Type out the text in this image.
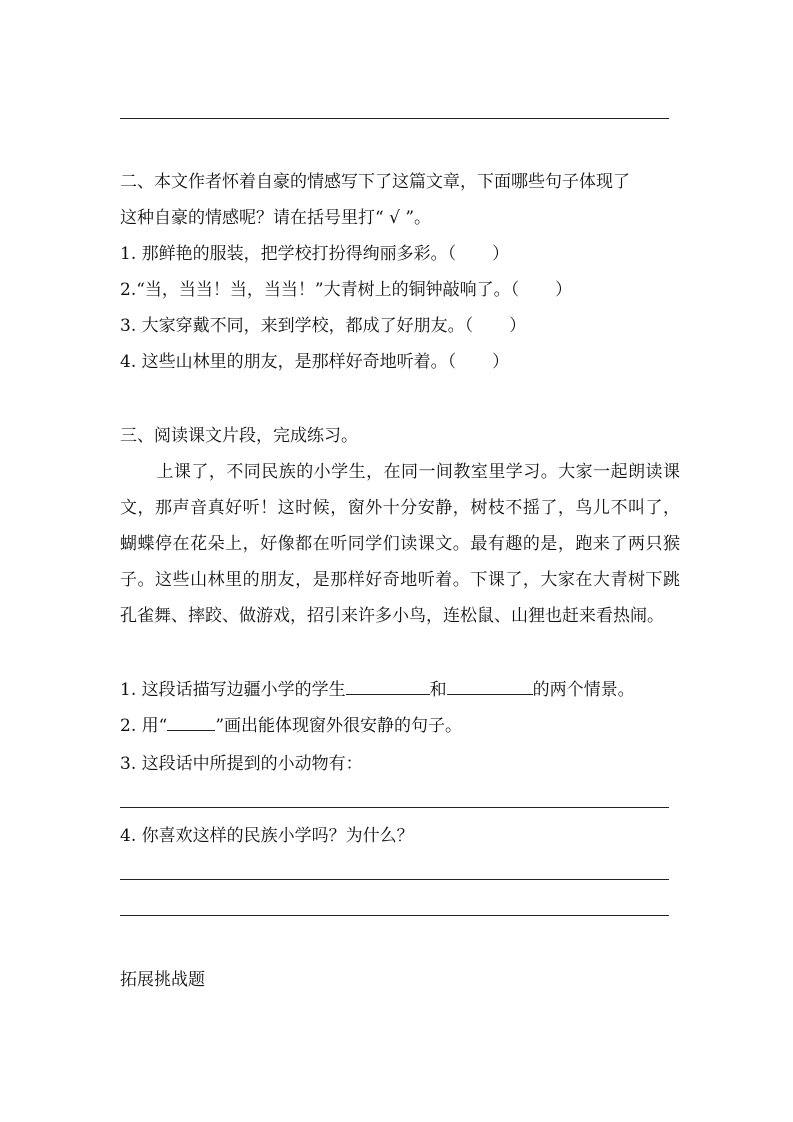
二、本文作者怀着自豪的情感写下了这篇文章，下面哪些句子体现了
这种自豪的情感呢？请在括号里打“ √ ”。
1. 那鲜艳的服装，把学校打扮得绚丽多彩。（ ）
2.“当，当当！当，当当！”大青树上的铜钟敲响了。（ ）
3. 大家穿戴不同，来到学校，都成了好朋友。（ ）
4. 这些山林里的朋友，是那样好奇地听着。（ ）
三、阅读课文片段，完成练习。
上课了，不同民族的小学生，在同一间教室里学习。大家一起朗读课文，那声音真好听！这时候，窗外十分安静，树枝不摇了，鸟儿不叫了，蝴蝶停在花朵上，好像都在听同学们读课文。最有趣的是，跑来了两只猴子。这些山林里的朋友，是那样好奇地听着。下课了，大家在大青树下跳孔雀舞、摔跤、做游戏，招引来许多小鸟，连松鼠、山狸也赶来看热闹。
1. 这段话描写边疆小学的学生	和	的两个情景。
2. 用“	”画出能体现窗外很安静的句子。
3. 这段话中所提到的小动物有：
4. 你喜欢这样的民族小学吗？为什么？
拓展挑战题
